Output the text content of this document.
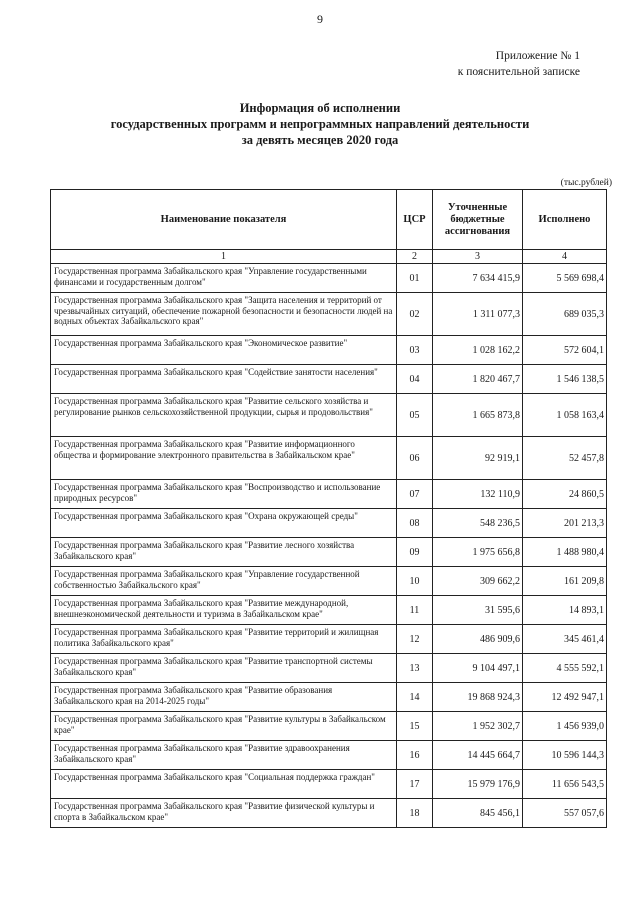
9
Приложение № 1
к пояснительной записке
Информация об исполнении
государственных программ и непрограммных направлений деятельности
за девять месяцев 2020 года
(тыс.рублей)
Наименование показателя	ЦСР	Уточненные бюджетные ассигнования	Исполнено
1	2	3	4
Государственная программа Забайкальского края "Управление государственными финансами и государственным долгом"	01	7 634 415,9	5 569 698,4
Государственная программа Забайкальского края "Защита населения и территорий от чрезвычайных ситуаций, обеспечение пожарной безопасности и безопасности людей на водных объектах Забайкальского края"	02	1 311 077,3	689 035,3
Государственная программа Забайкальского края "Экономическое развитие"	03	1 028 162,2	572 604,1
Государственная программа Забайкальского края "Содействие занятости населения"	04	1 820 467,7	1 546 138,5
Государственная программа Забайкальского края "Развитие сельского хозяйства и регулирование рынков сельскохозяйственной продукции, сырья и продовольствия"	05	1 665 873,8	1 058 163,4
Государственная программа Забайкальского края "Развитие информационного общества и формирование электронного правительства в Забайкальском крае"	06	92 919,1	52 457,8
Государственная программа Забайкальского края "Воспроизводство и использование природных ресурсов"	07	132 110,9	24 860,5
Государственная программа Забайкальского края "Охрана окружающей среды"	08	548 236,5	201 213,3
Государственная программа Забайкальского края "Развитие лесного хозяйства Забайкальского края"	09	1 975 656,8	1 488 980,4
Государственная программа Забайкальского края "Управление государственной собственностью Забайкальского края"	10	309 662,2	161 209,8
Государственная программа Забайкальского края "Развитие международной, внешнеэкономической деятельности и туризма в Забайкальском крае"	11	31 595,6	14 893,1
Государственная программа Забайкальского края "Развитие территорий и жилищная политика Забайкальского края"	12	486 909,6	345 461,4
Государственная программа Забайкальского края "Развитие транспортной системы Забайкальского края"	13	9 104 497,1	4 555 592,1
Государственная программа Забайкальского края "Развитие образования Забайкальского края на 2014-2025 годы"	14	19 868 924,3	12 492 947,1
Государственная программа Забайкальского края "Развитие культуры в Забайкальском крае"	15	1 952 302,7	1 456 939,0
Государственная программа Забайкальского края "Развитие здравоохранения Забайкальского края"	16	14 445 664,7	10 596 144,3
Государственная программа Забайкальского края "Социальная поддержка граждан"	17	15 979 176,9	11 656 543,5
Государственная программа Забайкальского края "Развитие физической культуры и спорта в Забайкальском крае"	18	845 456,1	557 057,6
